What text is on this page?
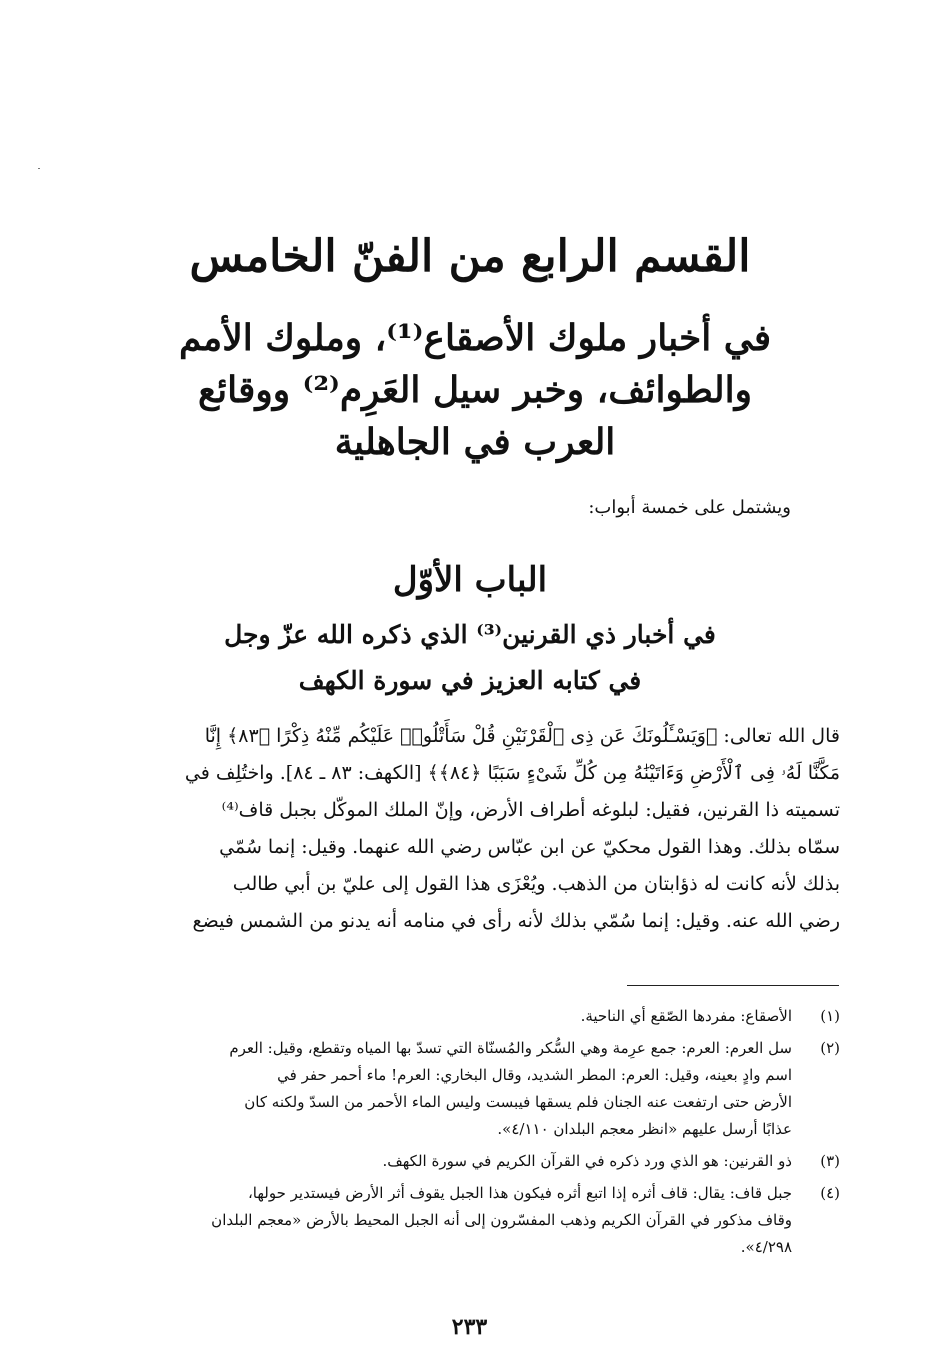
القسم الرابع من الفنّ الخامس
في أخبار ملوك الأصقاع⁽¹⁾، وملوك الأمم
والطوائف، وخبر سيل العَرِم⁽²⁾ ووقائع
العرب في الجاهلية
ويشتمل على خمسة أبواب:
الباب الأوّل
في أخبار ذي القرنين⁽³⁾ الذي ذكره الله عزّ وجل
في كتابه العزيز في سورة الكهف
قال الله تعالى: ﴿وَيَسْـَٔلُونَكَ عَن ذِى ٱلْقَرْنَيْنِ قُلْ سَأَتْلُوا۟ عَلَيْكُم مِّنْهُ ذِكْرًا ﴿٨٣﴾ إِنَّا
مَكَّنَّا لَهُۥ فِى ٱلْأَرْضِ وَءَاتَيْنَٰهُ مِن كُلِّ شَىْءٍ سَبَبًا ﴿٨٤﴾﴾ [الكهف: ٨٣ ـ ٨٤]. واختُلِف في
تسميته ذا القرنين، فقيل: لبلوغه أطراف الأرض، وإنّ الملك الموكّل بجبل قاف⁽⁴⁾
سمّاه بذلك. وهذا القول محكيّ عن ابن عبّاس رضي الله عنهما. وقيل: إنما سُمّي
بذلك لأنه كانت له ذؤابتان من الذهب. ويُعْزَى هذا القول إلى عليّ بن أبي طالب
رضي الله عنه. وقيل: إنما سُمّي بذلك لأنه رأى في منامه أنه يدنو من الشمس فيضع
(١)
الأصقاع: مفردها الصّقع أي الناحية.
(٢)
سل العرم: العرم: جمع عرِمة وهي السُّكر والمُسنّاة التي تسدّ بها المياه وتقطع، وقيل: العرم
اسم وادٍ بعينه، وقيل: العرم: المطر الشديد، وقال البخاري: العرم! ماء أحمر حفر في
الأرض حتى ارتفعت عنه الجنان فلم يسقها فيبست وليس الماء الأحمر من السدّ ولكنه كان
عذابًا أرسل عليهم «انظر معجم البلدان ٤/١١٠».
(٣)
ذو القرنين: هو الذي ورد ذكره في القرآن الكريم في سورة الكهف.
(٤)
جبل قاف: يقال: قاف أثره إذا اتبع أثره فيكون هذا الجبل يقوف أثر الأرض فيستدير حولها،
وقاف مذكور في القرآن الكريم وذهب المفسّرون إلى أنه الجبل المحيط بالأرض «معجم البلدان
٤/٢٩٨».
٢٣٣
